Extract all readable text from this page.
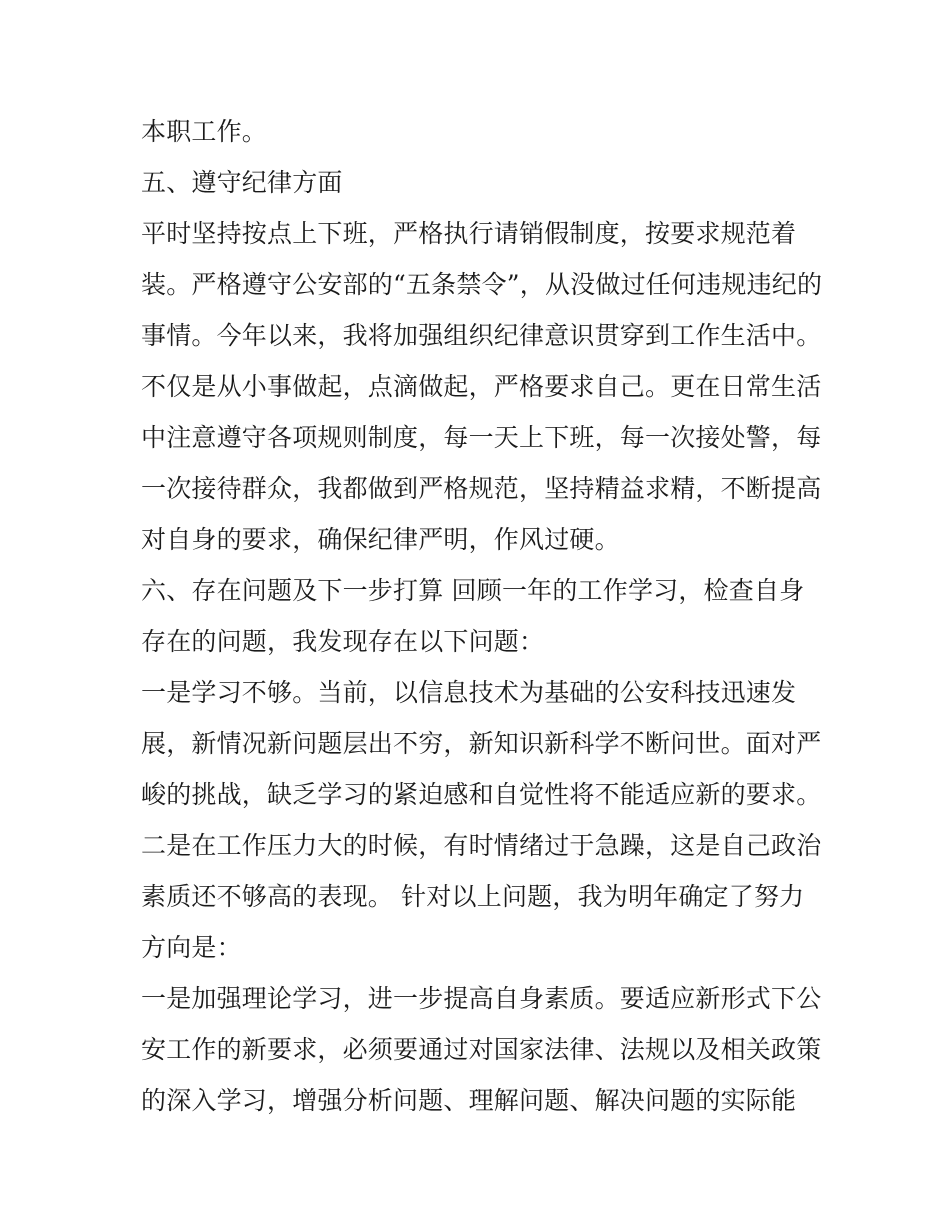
本职工作。
五、遵守纪律方面
平时坚持按点上下班，严格执行请销假制度，按要求规范着
装。严格遵守公安部的“五条禁令”，从没做过任何违规违纪的
事情。今年以来，我将加强组织纪律意识贯穿到工作生活中。
不仅是从小事做起，点滴做起，严格要求自己。更在日常生活
中注意遵守各项规则制度，每一天上下班，每一次接处警，每
一次接待群众，我都做到严格规范，坚持精益求精，不断提高
对自身的要求，确保纪律严明，作风过硬。
六、存在问题及下一步打算 回顾一年的工作学习，检查自身
存在的问题，我发现存在以下问题：
一是学习不够。当前，以信息技术为基础的公安科技迅速发
展，新情况新问题层出不穷，新知识新科学不断问世。面对严
峻的挑战，缺乏学习的紧迫感和自觉性将不能适应新的要求。
二是在工作压力大的时候，有时情绪过于急躁，这是自己政治
素质还不够高的表现。 针对以上问题，我为明年确定了努力
方向是：
一是加强理论学习，进一步提高自身素质。要适应新形式下公
安工作的新要求，必须要通过对国家法律、法规以及相关政策
的深入学习，增强分析问题、理解问题、解决问题的实际能
